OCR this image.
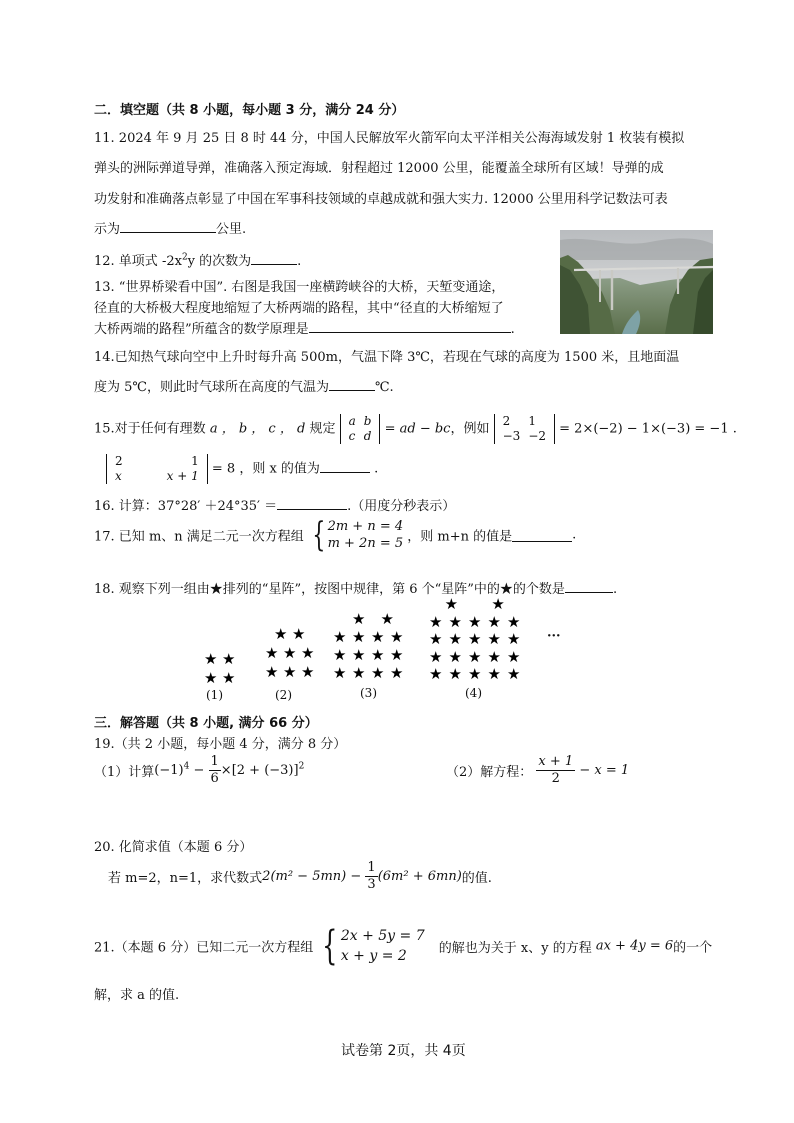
二．填空题（共 8 小题，每小题 3 分，满分 24 分）
11. 2024 年 9 月 25 日 8 时 44 分，中国人民解放军火箭军向太平洋相关公海海域发射 1 枚装有模拟
弹头的洲际弹道导弹，准确落入预定海域．射程超过 12000 公里，能覆盖全球所有区域！导弹的成
功发射和准确落点彰显了中国在军事科技领域的卓越成就和强大实力. 12000 公里用科学记数法可表
示为	公里.
12. 单项式 $-2x^2y$ 的次数为	.
13. “世界桥梁看中国”. 右图是我国一座横跨峡谷的大桥，天堑变通途，
径直的大桥极大程度地缩短了大桥两端的路程，其中“径直的大桥缩短了
大桥两端的路程”所蕴含的数学原理是	.
14.已知热气球向空中上升时每升高 500m，气温下降 3℃，若现在气球的高度为 1500 米，且地面温
度为 5℃，则此时气球所在高度的气温为	℃.
15.对于任何有理数 a ， b ， c ， d 规定
a	b
c	d = ad − bc，例如
2	1
−3	−2 = 2×(−2) − 1×(−3) = −1 .
2	1
x	x + 1 = 8 ，则 x 的值为	.
16. 计算：37°28′ ＋24°35′ ＝	.（用度分秒表示）
17. 已知 m、n 满足二元一次方程组 { 2m + n = 4
m + 2n = 5 ，则 m+n 的值是	.
18. 观察下列一组由★排列的“星阵”，按图中规律，第 6 个“星阵”中的★的个数是	.
★ ★
★ ★
★ ★
★ ★ ★
★ ★ ★
★ ★
★ ★ ★ ★
★ ★ ★ ★
★ ★ ★ ★
★ ★
★ ★ ★ ★ ★
★ ★ ★ ★ ★
★ ★ ★ ★ ★
★ ★ ★ ★ ★
(1)	(2)	(3)	(4)
···
三．解答题（共 8 小题, 满分 66 分）
19.（共 2 小题，每小题 4 分，满分 8 分）
（1）计算$(-1)^4 - \frac{1}{6} \times[2 + (-3)]^2$	（2）解方程： $\frac{x + 1}{2} - x = 1$
20. 化简求值（本题 6 分）
若 m=2，n=1，求代数式$2(m^2 - 5mn) - \frac{1}{3} (6m^2 + 6mn)$的值.
21.（本题 6 分）已知二元一次方程组 { 2x + 5y = 7
x + y = 2 的解也为关于 x、y 的方程 ax + 4y = 6的一个
解，求 a 的值.
试卷第 2页，共 4页
